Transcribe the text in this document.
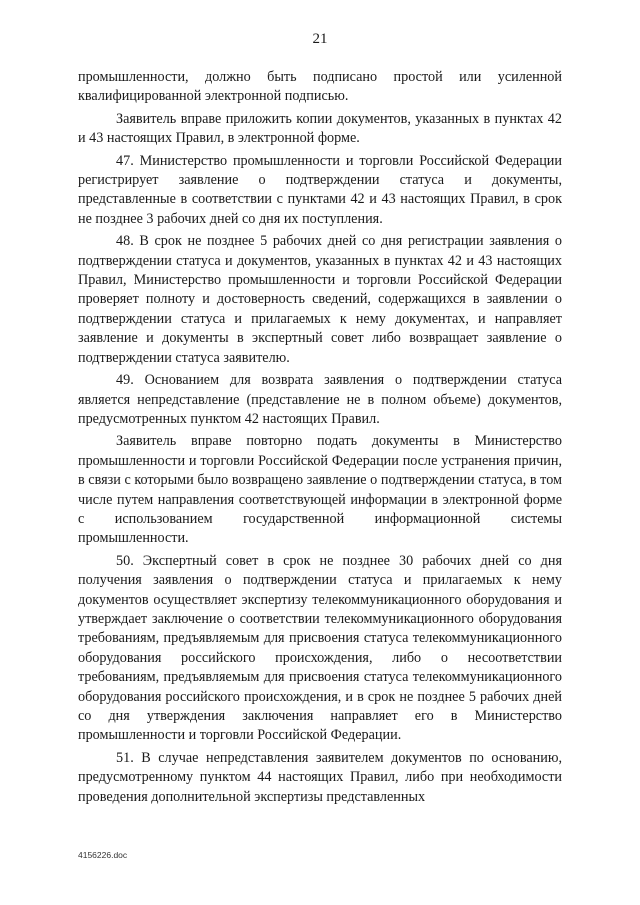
21

промышленности, должно быть подписано простой или усиленной квалифицированной электронной подписью.

Заявитель вправе приложить копии документов, указанных в пунктах 42 и 43 настоящих Правил, в электронной форме.

47. Министерство промышленности и торговли Российской Федерации регистрирует заявление о подтверждении статуса и документы, представленные в соответствии с пунктами 42 и 43 настоящих Правил, в срок не позднее 3 рабочих дней со дня их поступления.

48. В срок не позднее 5 рабочих дней со дня регистрации заявления о подтверждении статуса и документов, указанных в пунктах 42 и 43 настоящих Правил, Министерство промышленности и торговли Российской Федерации проверяет полноту и достоверность сведений, содержащихся в заявлении о подтверждении статуса и прилагаемых к нему документах, и направляет заявление и документы в экспертный совет либо возвращает заявление о подтверждении статуса заявителю.

49. Основанием для возврата заявления о подтверждении статуса является непредставление (представление не в полном объеме) документов, предусмотренных пунктом 42 настоящих Правил.

Заявитель вправе повторно подать документы в Министерство промышленности и торговли Российской Федерации после устранения причин, в связи с которыми было возвращено заявление о подтверждении статуса, в том числе путем направления соответствующей информации в электронной форме с использованием государственной информационной системы промышленности.

50. Экспертный совет в срок не позднее 30 рабочих дней со дня получения заявления о подтверждении статуса и прилагаемых к нему документов осуществляет экспертизу телекоммуникационного оборудования и утверждает заключение о соответствии телекоммуникационного оборудования требованиям, предъявляемым для присвоения статуса телекоммуникационного оборудования российского происхождения, либо о несоответствии требованиям, предъявляемым для присвоения статуса телекоммуникационного оборудования российского происхождения, и в срок не позднее 5 рабочих дней со дня утверждения заключения направляет его в Министерство промышленности и торговли Российской Федерации.

51. В случае непредставления заявителем документов по основанию, предусмотренному пунктом 44 настоящих Правил, либо при необходимости проведения дополнительной экспертизы представленных

4156226.doc
